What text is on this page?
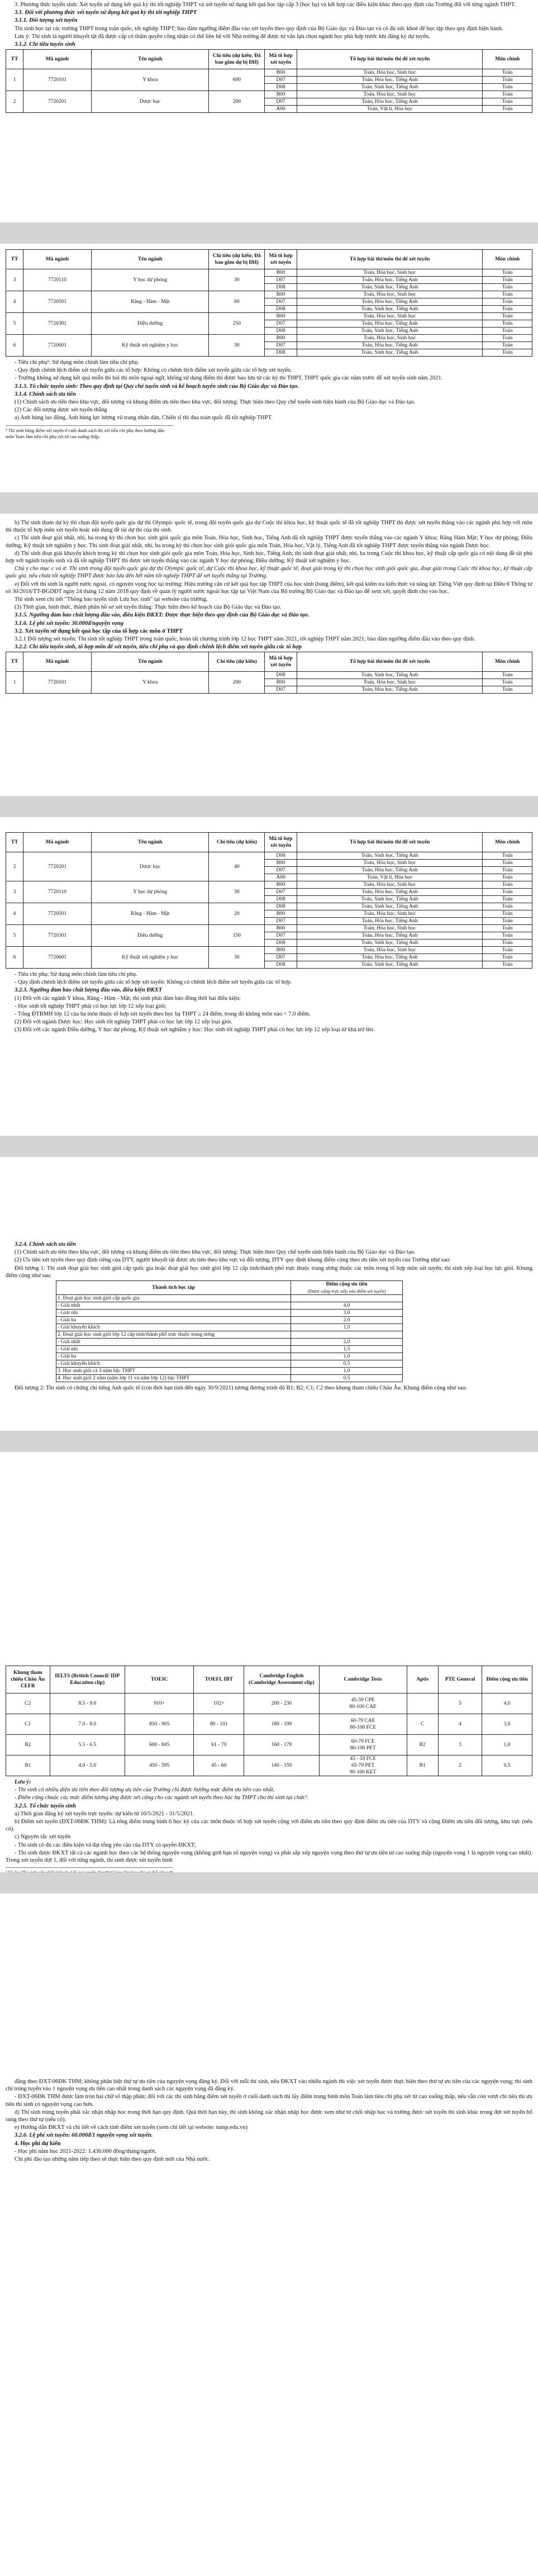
3. Phương thức tuyển sinh: Xét tuyển sử dụng kết quả kỳ thi tốt nghiệp THPT và xét tuyển sử dụng kết quả học tập cấp 3 (học bạ) và kết hợp các điều kiện khác theo quy định của Trường đối với từng ngành THPT.

3.1. Đối với phương thức xét tuyển sử dụng kết quả kỳ thi tốt nghiệp THPT

3.1.1. Đối tượng xét tuyển

Thí sinh học tại các trường THPT trong toàn quốc, tốt nghiệp THPT; bảo đảm ngưỡng điểm đầu vào xét tuyển theo quy định của Bộ Giáo dục và Đào tạo và có đủ sức khoẻ để học tập theo quy định hiện hành.

Lưu ý: Thí sinh là người khuyết tật đã được cấp có thẩm quyền công nhận có thể liên hệ với Nhà trường để được tư vấn lựa chọn ngành học phù hợp trước khi đăng ký dự tuyển.

3.1.2. Chỉ tiêu tuyển sinh

TT	Mã ngành	Tên ngành	Chỉ tiêu (dự kiến; Đã bao gồm dự bị ĐH)	Mã tổ hợp xét tuyển	Tổ hợp bài thi/môn thi để xét tuyển	Môn chính
1	7720101	Y khoa	600	B00	Toán, Hóa học, Sinh học	Toán
				D07	Toán, Hóa học, Tiếng Anh	Toán
				D08	Toán, Sinh học, Tiếng Anh	Toán
2	7720201	Dược học	200	B00	Toán, Hóa học, Sinh học	Toán
				D07	Toán, Hóa học, Tiếng Anh	Toán
				A00	Toán, Vật lí, Hóa học	Toán
TT	Mã ngành	Tên ngành	Chỉ tiêu (dự kiến; Đã bao gồm dự bị ĐH)	Mã tổ hợp xét tuyển	Tổ hợp bài thi/môn thi để xét tuyển	Môn chính
3	7720110	Y học dự phòng	30	B00	Toán, Hóa học, Sinh học	Toán
				D07	Toán, Hóa học, Tiếng Anh	Toán
				D08	Toán, Sinh học, Tiếng Anh	Toán
4	7720501	Răng - Hàm - Mặt	60	B00	Toán, Hóa học, Sinh học	Toán
				D07	Toán, Hóa học, Tiếng Anh	Toán
				D08	Toán, Sinh học, Tiếng Anh	Toán
5	7720301	Điều dưỡng	250	B00	Toán, Hóa học, Sinh học	Toán
				D07	Toán, Hóa học, Tiếng Anh	Toán
				D08	Toán, Sinh học, Tiếng Anh	Toán
6	7720601	Kỹ thuật xét nghiệm y học	30	B00	Toán, Hóa học, Sinh học	Toán
				D07	Toán, Hóa học, Tiếng Anh	Toán
				D08	Toán, Sinh học, Tiếng Anh	Toán

- Tiêu chí phụ¹: Sử dụng môn chính làm tiêu chí phụ.

- Quy định chênh lệch điểm xét tuyển giữa các tổ hợp: Không có chênh lệch điểm xét tuyển giữa các tổ hợp xét tuyển.

- Trường không sử dụng kết quả miễn thi bài thi môn ngoại ngữ, không sử dụng điểm thi được bảo lưu từ các kỳ thi THPT, THPT quốc gia các năm trước để xét tuyển sinh năm 2021.

3.1.3. Tổ chức tuyển sinh: Theo quy định tại Quy chế tuyển sinh và kế hoạch tuyển sinh của Bộ Giáo dục và Đào tạo.

3.1.4. Chính sách ưu tiên

(1) Chính sách ưu tiên theo khu vực, đối tượng và khung điểm ưu tiên theo khu vực, đối tượng: Thực hiện theo Quy chế tuyển sinh hiện hành của Bộ Giáo dục và Đào tạo.

(2) Các đối tượng được xét tuyển thẳng

a) Anh hùng lao động, Anh hùng lực lượng vũ trang nhân dân, Chiến sĩ thi đua toàn quốc đã tốt nghiệp THPT.

¹ Thí sinh bằng điểm xét tuyển ở cuối danh sách thì xét tiêu chí phụ theo hướng dẫn môn Toán làm tiêu chí phụ xét từ cao xuống thấp.

b) Thí sinh tham dự kỳ thi chọn đội tuyển quốc gia dự thi Olympic quốc tế, trong đội tuyển quốc gia dự Cuộc thi khoa học, kỹ thuật quốc tế đã tốt nghiệp THPT thì được xét tuyển thẳng vào các ngành phù hợp với môn thi thuộc tổ hợp môn xét tuyển hoặc nội dung đề tài dự thi của thí sinh.

c) Thí sinh đoạt giải nhất, nhì, ba trong kỳ thi chọn học sinh giỏi quốc gia môn Toán, Hóa học, Sinh học, Tiếng Anh đã tốt nghiệp THPT được tuyển thẳng vào các ngành Y khoa; Răng Hàm Mặt; Y học dự phòng; Điều dưỡng; Kỹ thuật xét nghiệm y học. Thí sinh đoạt giải nhất, nhì, ba trong kỳ thi chọn học sinh giỏi quốc gia môn Toán, Hóa học, Vật lý, Tiếng Anh đã tốt nghiệp THPT được tuyển thẳng vào ngành Dược học.

d) Thí sinh đoạt giải khuyến khích trong kỳ thi chọn học sinh giỏi quốc gia môn Toán, Hóa học, Sinh học, Tiếng Anh; thí sinh đoạt giải nhất, nhì, ba trong Cuộc thi khoa học, kỹ thuật cấp quốc gia có nội dung đề tài phù hợp với ngành tuyển sinh và đã tốt nghiệp THPT thì được xét tuyển thẳng vào các ngành Y học dự phòng; Điều dưỡng; Kỹ thuật xét nghiệm y học.

Chú ý cho mục c và d: Thí sinh trong đội tuyển quốc gia dự thi Olympic quốc tế, dự Cuộc thi khoa học, kỹ thuật quốc tế, đoạt giải trong kỳ thi chọn học sinh giỏi quốc gia, đoạt giải trong Cuộc thi khoa học, kỹ thuật cấp quốc gia, nếu chưa tốt nghiệp THPT được bảo lưu đến hết năm tốt nghiệp THPT để xét tuyển thẳng tại Trường.

e) Đối với thí sinh là người nước ngoài, có nguyện vọng học tại trường: Hiệu trưởng căn cứ kết quả học tập THPT của học sinh (bảng điểm), kết quả kiểm tra kiến thức và năng lực Tiếng Việt quy định tại Điều 6 Thông tư số 30/2018/TT-BGDĐT ngày 24 tháng 12 năm 2018 quy định về quản lý người nước ngoài học tập tại Việt Nam của Bộ trưởng Bộ Giáo dục và Đào tạo để xem xét, quyết định cho vào học.

Thí sinh xem chi tiết "Thông báo tuyển sinh Lưu học sinh" tại website của trường.

(3) Thời gian, hình thức, thành phần hồ sơ xét tuyển thẳng: Thực hiện theo kế hoạch của Bộ Giáo dục và Đào tạo.

3.1.5. Ngưỡng đảm bảo chất lượng đầu vào, điều kiện ĐKXT: Được thực hiện theo quy định của Bộ Giáo dục và Đào tạo.

3.1.6. Lệ phí xét tuyển: 30.000đ/nguyện vọng

3.2. Xét tuyển sử dụng kết quả học tập của tổ hợp các môn ở THPT

3.2.1 Đối tượng xét tuyển: Thí sinh tốt nghiệp THPT trong toàn quốc, hoàn tất chương trình lớp 12 học THPT năm 2021, tốt nghiệp THPT năm 2021; bảo đảm ngưỡng điểm đầu vào theo quy định.

3.2.2. Chỉ tiêu tuyển sinh, tổ hợp môn để xét tuyển, tiêu chí phụ và quy định chênh lệch điểm xét tuyển giữa các tổ hợp

TT	Mã ngành	Tên ngành	Chỉ tiêu (dự kiến)	Mã tổ hợp xét tuyển	Tổ hợp bài thi/môn thi để xét tuyển	Môn chính
1	7720101	Y khoa	200	D08	Toán, Sinh học, Tiếng Anh	Toán
				B00	Toán, Hóa học, Sinh học	Toán
				D07	Toán, Hóa học, Tiếng Anh	Toán
TT	Mã ngành	Tên ngành	Chỉ tiêu (dự kiến)	Mã tổ hợp xét tuyển	Tổ hợp bài thi/môn thi để xét tuyển	Môn chính
2	7720201	Dược học	40	D08	Toán, Sinh học, Tiếng Anh	Toán
				B00	Toán, Hóa học, Sinh học	Toán
				D07	Toán, Hóa học, Tiếng Anh	Toán
				A00	Toán, Vật lí, Hóa học	Toán
3	7720110	Y học dự phòng	30	B00	Toán, Hóa học, Sinh học	Toán
				D07	Toán, Hóa học, Tiếng Anh	Toán
				D08	Toán, Sinh học, Tiếng Anh	Toán
4	7720501	Răng - Hàm - Mặt	20	D08	Toán, Sinh học, Tiếng Anh	Toán
				B00	Toán, Hóa học, Sinh học	Toán
				D07	Toán, Hóa học, Tiếng Anh	Toán
5	7720301	Điều dưỡng	150	B00	Toán, Hóa học, Sinh học	Toán
				D07	Toán, Hóa học, Tiếng Anh	Toán
				D08	Toán, Sinh học, Tiếng Anh	Toán
6	7720601	Kỹ thuật xét nghiệm y học	30	B00	Toán, Hóa học, Sinh học	Toán
				D07	Toán, Hóa học, Tiếng Anh	Toán
				D08	Toán, Sinh học, Tiếng Anh	Toán

- Tiêu chí phụ: Sử dụng môn chính làm tiêu chí phụ.

- Quy định chênh lệch điểm xét tuyển giữa các tổ hợp xét tuyển: Không có chênh lệch điểm xét tuyển giữa các tổ hợp.

3.2.3. Ngưỡng đảm bảo chất lượng đầu vào, điều kiện ĐKXT

(1) Đối với các ngành Y khoa, Răng - Hàm - Mặt, thí sinh phải đảm bảo đồng thời hai điều kiện:

- Học sinh tốt nghiệp THPT phải có học lực lớp 12 xếp loại giỏi;

- Tổng ĐTBMH lớp 12 của ba môn thuộc tổ hợp xét tuyển theo học bạ THPT ≥ 24 điểm, trong đó không môn nào < 7,0 điểm.

(2) Đối với ngành Dược học: Học sinh tốt nghiệp THPT phải có học lực lớp 12 xếp loại giỏi.

(3) Đối với các ngành Điều dưỡng, Y học dự phòng, Kỹ thuật xét nghiệm y học: Học sinh tốt nghiệp THPT phải có học lực lớp 12 xếp loại từ khá trở lên.

3.2.4. Chính sách ưu tiên

(1) Chính sách ưu tiên theo khu vực, đối tượng và khung điểm ưu tiên theo khu vực, đối tượng: Thực hiện theo Quy chế tuyển sinh hiện hành của Bộ Giáo dục và Đào tạo.

(2) Ưu tiên xét tuyển theo quy định riêng của DTY, người khuyết tật được ưu tiên theo khu vực và đối tượng, DTY quy định khung điểm cộng theo ưu tiên xét tuyển của Trường như sau:

Đối tượng 1: Thí sinh đoạt giải học sinh giỏi cấp quốc gia hoặc đoạt giải học sinh giỏi lớp 12 cấp tỉnh/thành phố trực thuộc trung ương thuộc các môn trong tổ hợp môn xét tuyển; thí sinh xếp loại học lực giỏi. Khung điểm cộng như sau:

Thành tích học tập	Điểm cộng ưu tiên
(Được cộng trực tiếp vào điểm xét tuyển)

1. Đoạt giải học sinh giỏi cấp quốc gia	
- Giải nhất	4,0
- Giải nhì	3,0
- Giải ba	2,0
- Giải khuyến khích	1,0
2. Đoạt giải học sinh giỏi lớp 12 cấp tỉnh/thành phố trực thuộc trung ương	
- Giải nhất	2,0
- Giải nhì	1,5
- Giải ba	1,0
- Giải khuyến khích	0,5
3. Học sinh giỏi cả 3 năm bậc THPT	1,0
4. Học sinh giỏi 2 năm (năm lớp 11 và năm lớp 12) bậc THPT	0,5

Đối tượng 2: Thí sinh có chứng chỉ tiếng Anh quốc tế (còn thời hạn tính đến ngày 30/9/2021) tương đương trình độ B1; B2; C1; C2 theo khung tham chiếu Châu Âu. Khung điểm cộng như sau:

Khung tham chiếu Châu Âu CEFR	IELTS (British Council/ IDP Education clip)	TOEIC	TOEFL IBT	Cambridge English (Cambridge Assessment clip)	Cambridge Tests	Aptis	PTE General	Điểm cộng ưu tiên
C2	8.5 - 9.0	910+	102+	200 - 230	45-59 CPE
80-100 CAE		5	4,0
C1	7.0 - 8.0	850 - 905	80 - 101	180 - 199	60-79 CAE
80-100 FCE	C	4	3,0
B2	5.5 - 6.5	600 - 845	61 - 79	160 - 179	60-79 FCE
80-100 PET	B2	3	1,0
B1	4.0 - 5.0	450 - 595	45 - 60	140 - 159	45 - 59 FCE
65-79 PET
90-100 KET	B1	2	0,5

Lưu ý:

- Thí sinh có nhiều diện ưu tiên theo đối tượng ưu tiên của Trường chỉ được hưởng mức điểm ưu tiên cao nhất.

- Điểm cộng chuộc các mức điểm tương ứng được xét cộng cho các ngành xét tuyển theo học bạ THPT cho thí sinh tại chức².

3.2.5. Tổ chức tuyển sinh

a) Thời gian đăng ký xét tuyển trực tuyến: dự kiến từ 10/5/2021 - 31/5/2021.

b) Điểm xét tuyển (ĐXT-06ĐK THM): Là tổng điểm trung bình 6 học kỳ của các môn thuộc tổ hợp xét tuyển cộng với điểm ưu tiên theo quy định điểm ưu tiên của DTY và cộng Điểm ưu tiên đối tượng, khu vực (nếu có).

c) Nguyên tắc xét tuyển

- Thí sinh có đủ các điều kiện và đạt tổng yêu cầu của DTY có quyền ĐKXT;

- Thí sinh được ĐKXT tất cả các ngành học theo các hệ thống nguyện vọng (không giới hạn số nguyện vọng) và phải sắp xếp nguyện vọng theo thứ tự ưu tiên từ cao xuống thấp (nguyện vọng 1 là nguyện vọng cao nhất). Trong xét tuyển đợt 1, đối với từng ngành, thí sinh được xét tuyển bình

đẳng theo ĐXT-06ĐK THM; không phân biệt thứ tự ưu tiên của nguyện vọng đăng ký. Đối với mỗi thí sinh, nếu ĐKXT vào nhiều ngành thì việc xét tuyển được thực hiện theo thứ tự ưu tiên của các nguyện vọng; thí sinh chỉ trúng tuyển vào 1 nguyện vọng ưu tiên cao nhất trong danh sách các nguyện vọng đã đăng ký.

- ĐXT-06ĐK THM được làm tròn hai chữ số thập phân; đối với các thí sinh bằng điểm xét tuyển ở cuối danh sách thì lấy điểm trung bình môn Toán làm tiêu chí phụ xét từ cao xuống thấp, nếu vẫn còn vượt chỉ tiêu thì ưu tiên thí sinh có nguyện vọng cao hơn.

d) Thí sinh trúng tuyển phải xác nhận nhập học trong thời hạn quy định. Quá thời hạn này, thí sinh không xác nhận nhập học được xem như từ chối nhập học và trường được xét tuyển thí sinh khác trong đợt xét tuyển bổ sung theo thứ tự (nếu có).

e) Hướng dẫn ĐKXT và chi tiết về cách tính điểm xét tuyển (xem chi tiết tại website: tump.edu.vn)

3.2.6. Lệ phí xét tuyển: 60.000đ/1 nguyện vọng xét tuyển.

4. Học phí dự kiến

- Học phí năm học 2021-2022: 1.430.000 đồng/tháng/người.

Chi phí đào tạo những năm tiếp theo sẽ thực hiện theo quy định mới của Nhà nước.
